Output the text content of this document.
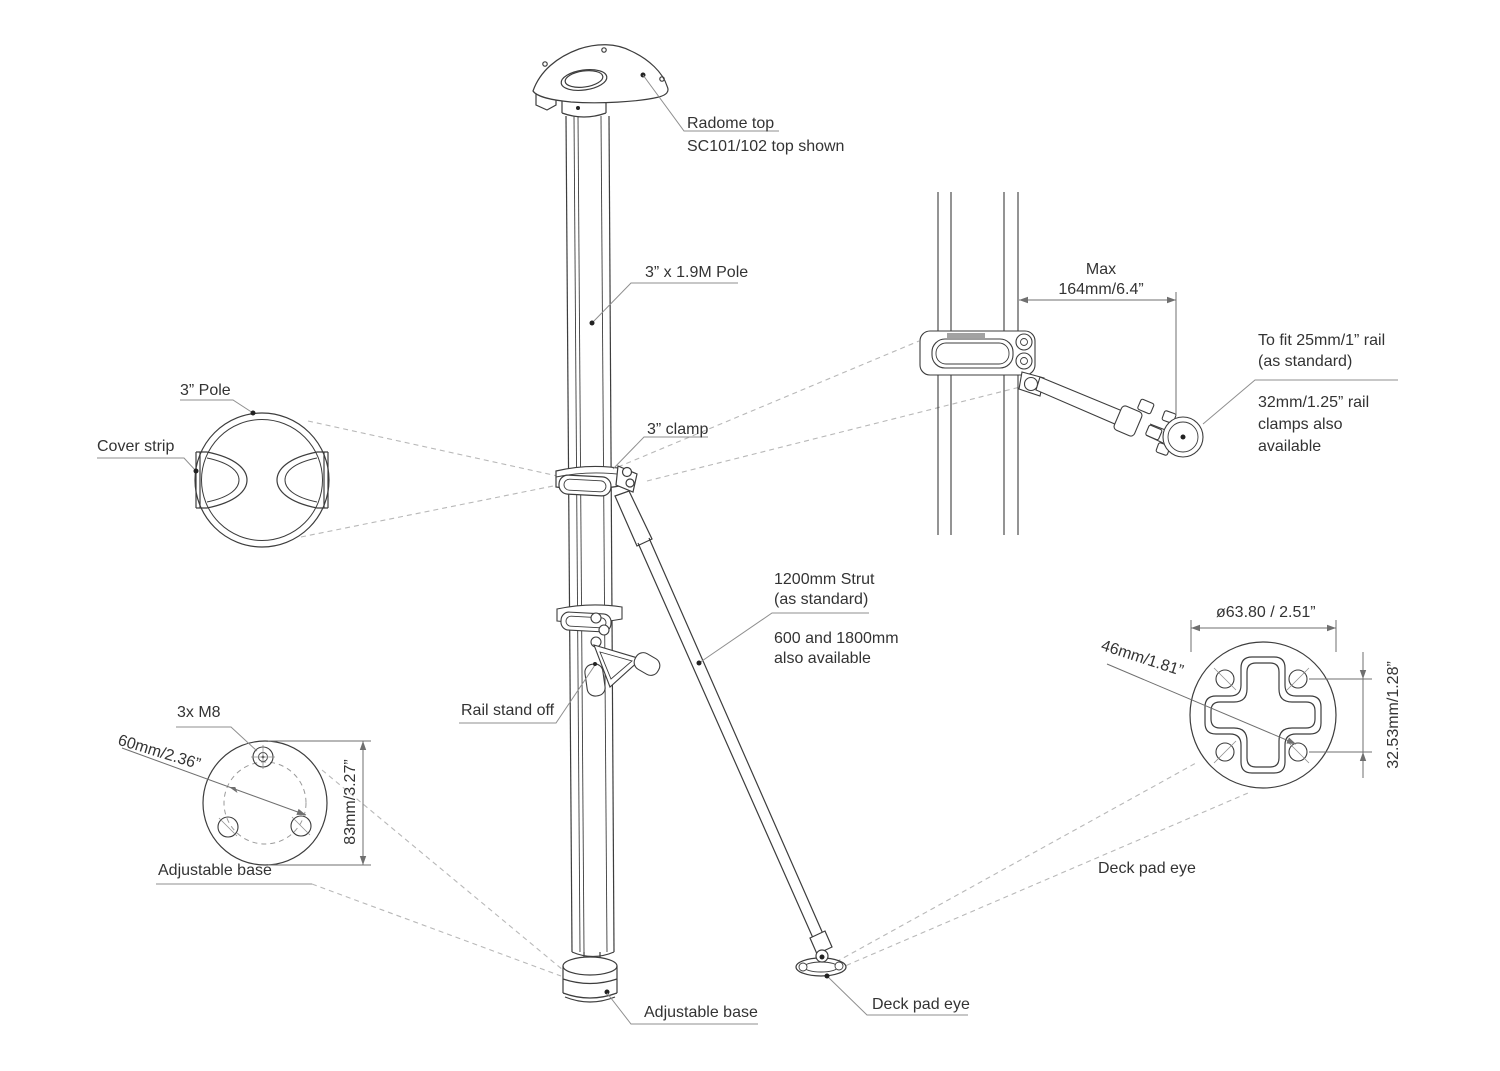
Radome top
SC101/102 top shown
3” x 1.9M Pole
3” clamp
3” Pole
Cover strip
Max
164mm/6.4”
To fit 25mm/1” rail
(as standard)
32mm/1.25” rail
clamps also
available
1200mm Strut
(as standard)
600 and 1800mm
also available
Rail stand off
3x M8
60mm/2.36”
83mm/3.27”
Adjustable base
ø63.80 / 2.51”
46mm/1.81”
32.53mm/1.28”
Deck pad eye
Adjustable base	Deck pad eye
